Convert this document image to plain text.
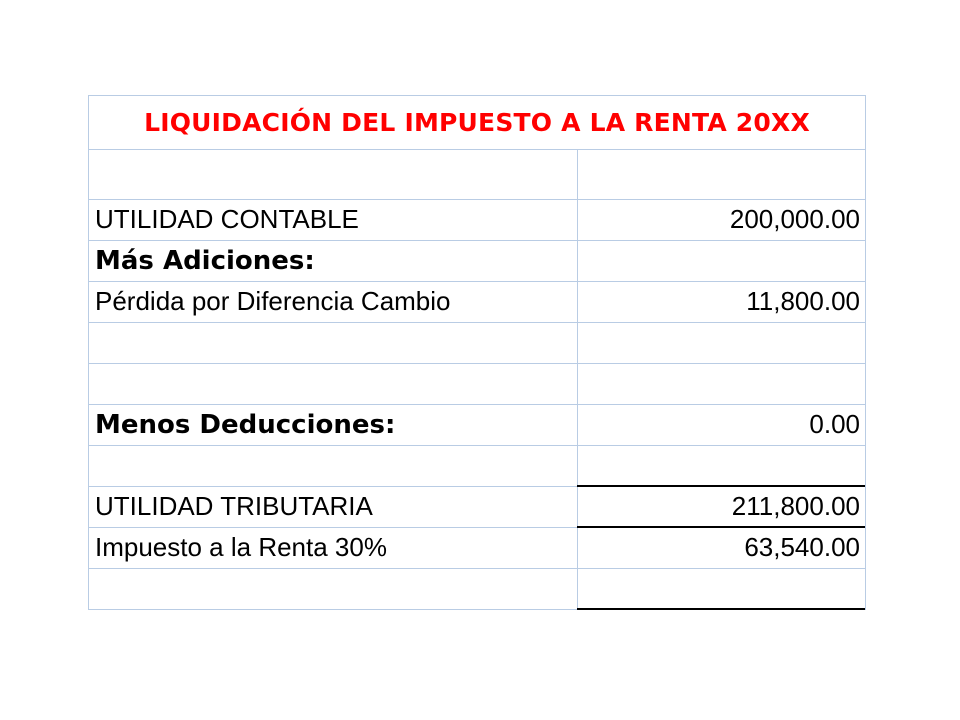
LIQUIDACIÓN DEL IMPUESTO A LA RENTA 20XX

UTILIDAD CONTABLE	200,000.00
Más Adiciones:	
Pérdida por Diferencia Cambio	11,800.00

Menos Deducciones:	0.00

UTILIDAD TRIBUTARIA	211,800.00
Impuesto a la Renta 30%	63,540.00
